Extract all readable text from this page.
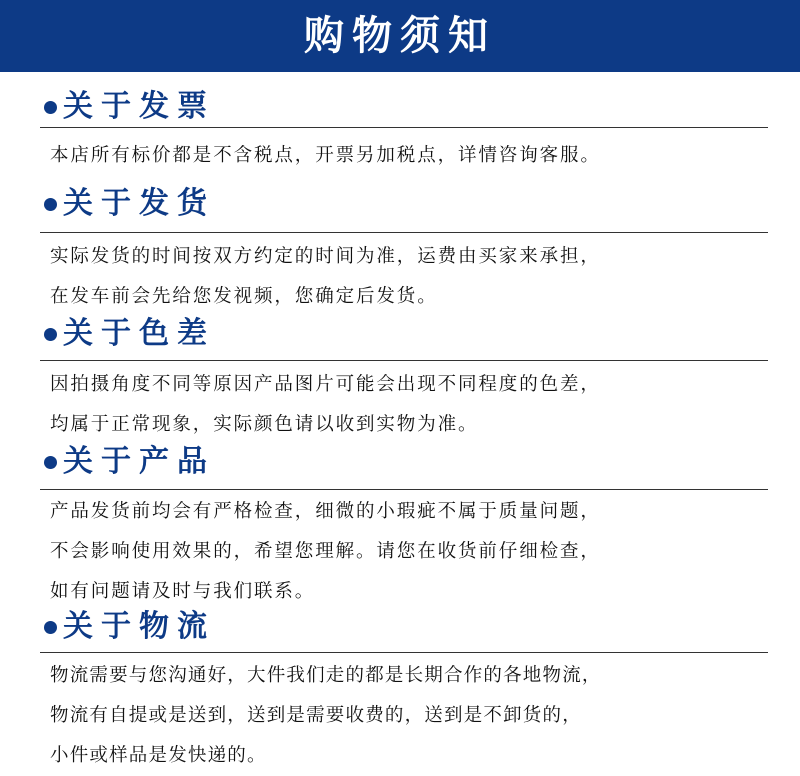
购物须知
关于发票
本店所有标价都是不含税点，开票另加税点，详情咨询客服。
关于发货
实际发货的时间按双方约定的时间为准，运费由买家来承担，
在发车前会先给您发视频，您确定后发货。
关于色差
因拍摄角度不同等原因产品图片可能会出现不同程度的色差，
均属于正常现象，实际颜色请以收到实物为准。
关于产品
产品发货前均会有严格检查，细微的小瑕疵不属于质量问题，
不会影响使用效果的，希望您理解。请您在收货前仔细检查，
如有问题请及时与我们联系。
关于物流
物流需要与您沟通好，大件我们走的都是长期合作的各地物流，
物流有自提或是送到，送到是需要收费的，送到是不卸货的，
小件或样品是发快递的。
